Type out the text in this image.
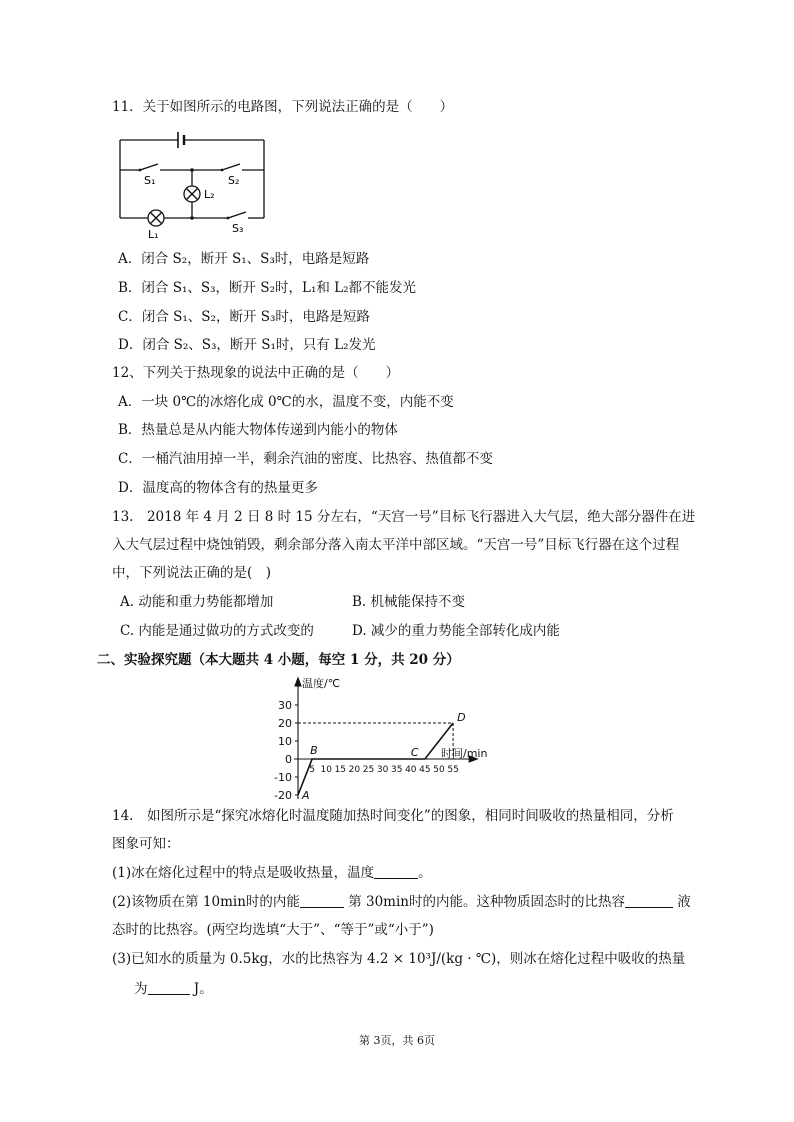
11．关于如图所示的电路图，下列说法正确的是（　　）
S₁	S₂
L₂
L₁	S₃
A．闭合 S₂，断开 S₁、S₃时，电路是短路
B．闭合 S₁、S₃，断开 S₂时，L₁和 L₂都不能发光
C．闭合 S₁、S₂，断开 S₃时，电路是短路
D．闭合 S₂、S₃，断开 S₁时，只有 L₂发光
12、下列关于热现象的说法中正确的是（　　）
A．一块 0℃的冰熔化成 0℃的水，温度不变，内能不变
B．热量总是从内能大物体传递到内能小的物体
C．一桶汽油用掉一半，剩余汽油的密度、比热容、热值都不变
D．温度高的物体含有的热量更多
13.　2018 年 4 月 2 日 8 时 15 分左右，“天宫一号”目标飞行器进入大气层，绝大部分器件在进
入大气层过程中烧蚀销毁，剩余部分落入南太平洋中部区域。“天宫一号”目标飞行器在这个过程
中，下列说法正确的是(　)
A. 动能和重力势能都增加	B. 机械能保持不变
C. 内能是通过做功的方式改变的	D. 减少的重力势能全部转化成内能
二、实验探究题（本大题共 4 小题，每空 1 分，共 20 分）
温度/℃
时间/min
30
20
10
0
-10
-20
5 10 15 20 25 30 35 40 45 50 55
A
B	C
D
14.　如图所示是“探究冰熔化时温度随加热时间变化”的图象，相同时间吸收的热量相同，分析
图象可知：
(1)冰在熔化过程中的特点是吸收热量，温度	。
(2)该物质在第 10min时的内能	第 30min时的内能。这种物质固态时的比热容	液
态时的比热容。(两空均选填“大于”、“等于”或“小于”)
(3)已知水的质量为 0.5kg，水的比热容为 4.2 × 10³J/(kg · ℃)，则冰在熔化过程中吸收的热量
为	J。
第 3页，共 6页
